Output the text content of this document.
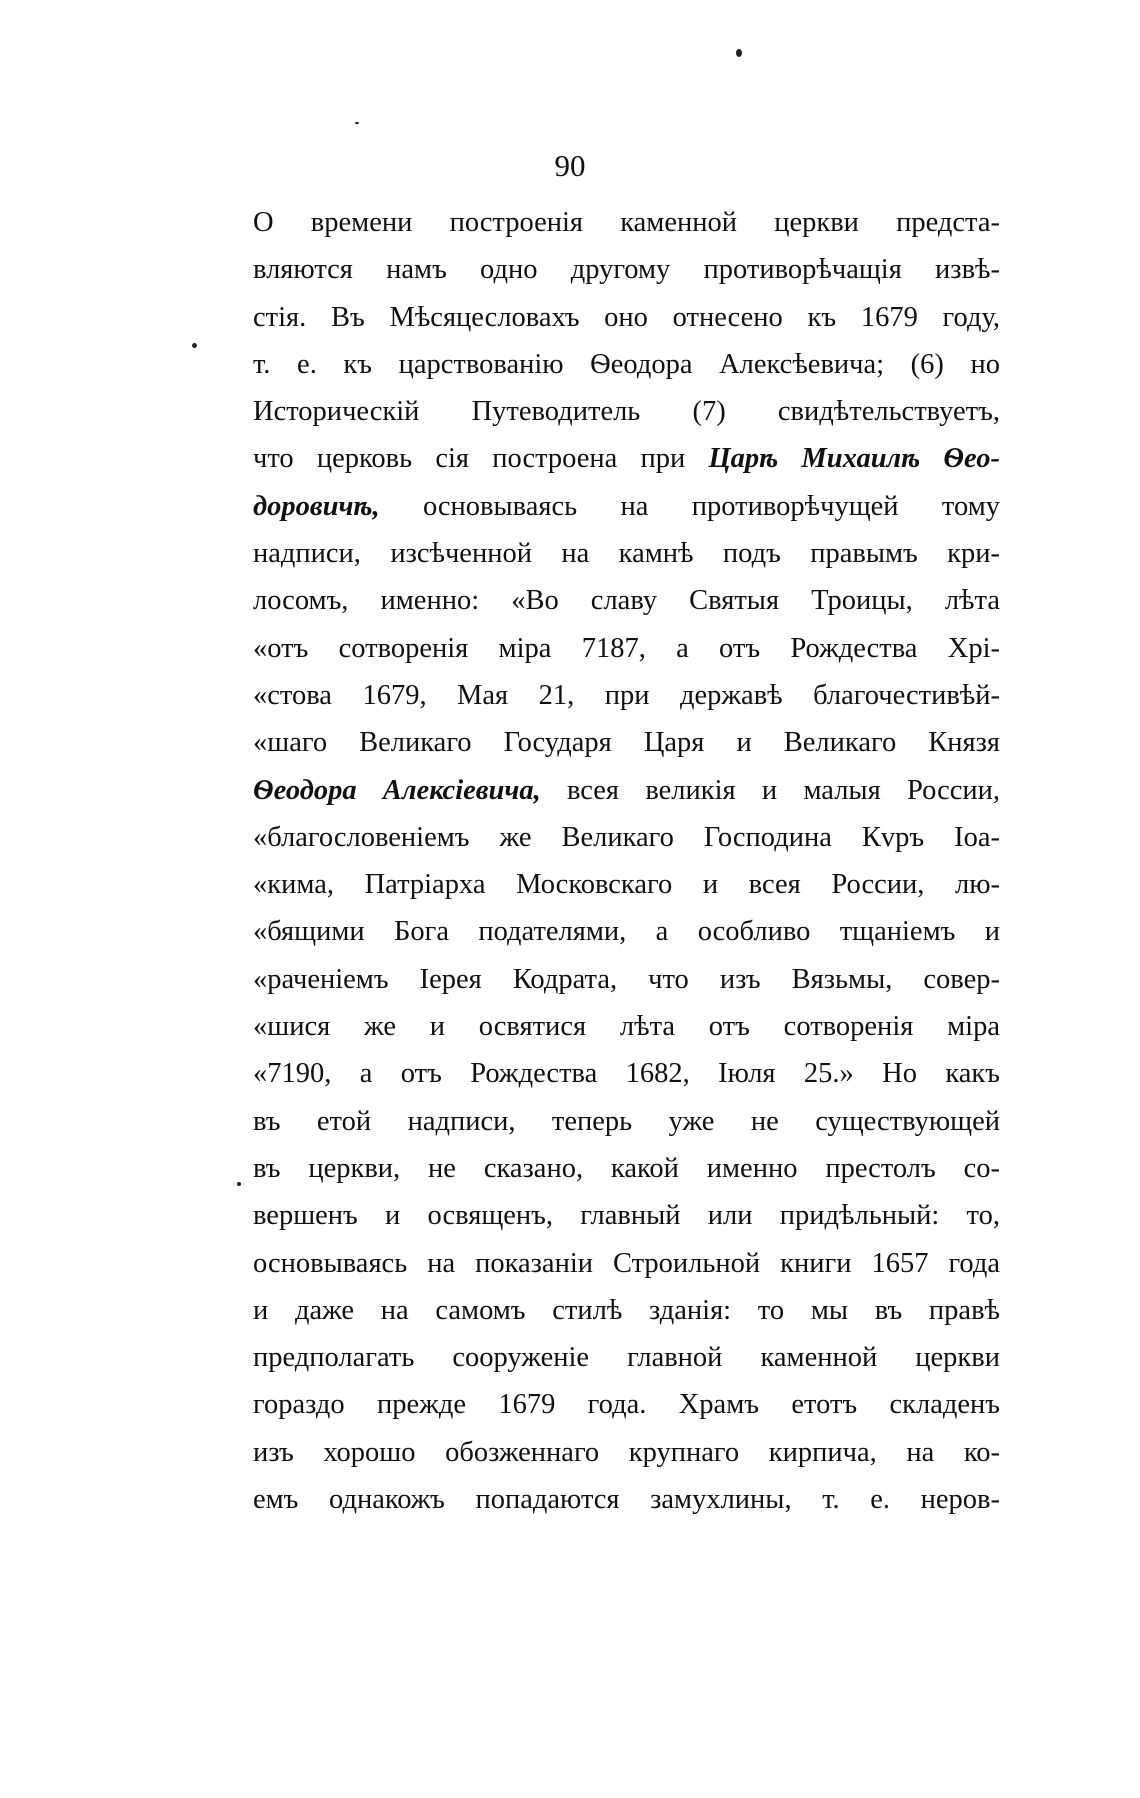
90
О времени построенія каменной церкви предста-
вляются намъ одно другому противорѣчащія извѣ-
стія. Въ Мѣсяцесловахъ оно отнесено къ 1679 году,
т. е. къ царствованію Ѳеодора Алексѣевича; (6) но
Историческій Путеводитель (7) свидѣтельствуетъ,
что церковь сія построена при Царѣ Михаилѣ Ѳео-
доровичѣ, основываясь на противорѣчущей тому
надписи, изсѣченной на камнѣ подъ правымъ кри-
лосомъ, именно: «Во славу Святыя Троицы, лѣта
«отъ сотворенія міра 7187, а отъ Рождества Хрі-
«стова 1679, Мая 21, при державѣ благочестивѣй-
«шаго Великаго Государя Царя и Великаго Князя
Ѳеодора Алексіевича, всея великія и малыя России,
«благословеніемъ же Великаго Господина Кvръ Іоа-
«кима, Патріарха Московскаго и всея России, лю-
«бящими Бога подателями, а особливо тщаніемъ и
«раченіемъ Іерея Кодрата, что изъ Вязьмы, совер-
«шися же и освятися лѣта отъ сотворенія міра
«7190, а отъ Рождества 1682, Іюля 25.» Но какъ
въ етой надписи, теперь уже не существующей
въ церкви, не сказано, какой именно престолъ со-
вершенъ и освященъ, главный или придѣльный: то,
основываясь на показаніи Строильной книги 1657 года
и даже на самомъ стилѣ зданія: то мы въ правѣ
предполагать сооруженіе главной каменной церкви
гораздо прежде 1679 года. Храмъ етотъ складенъ
изъ хорошо обозженнаго крупнаго кирпича, на ко-
емъ однакожъ попадаются замухлины, т. е. неров-
